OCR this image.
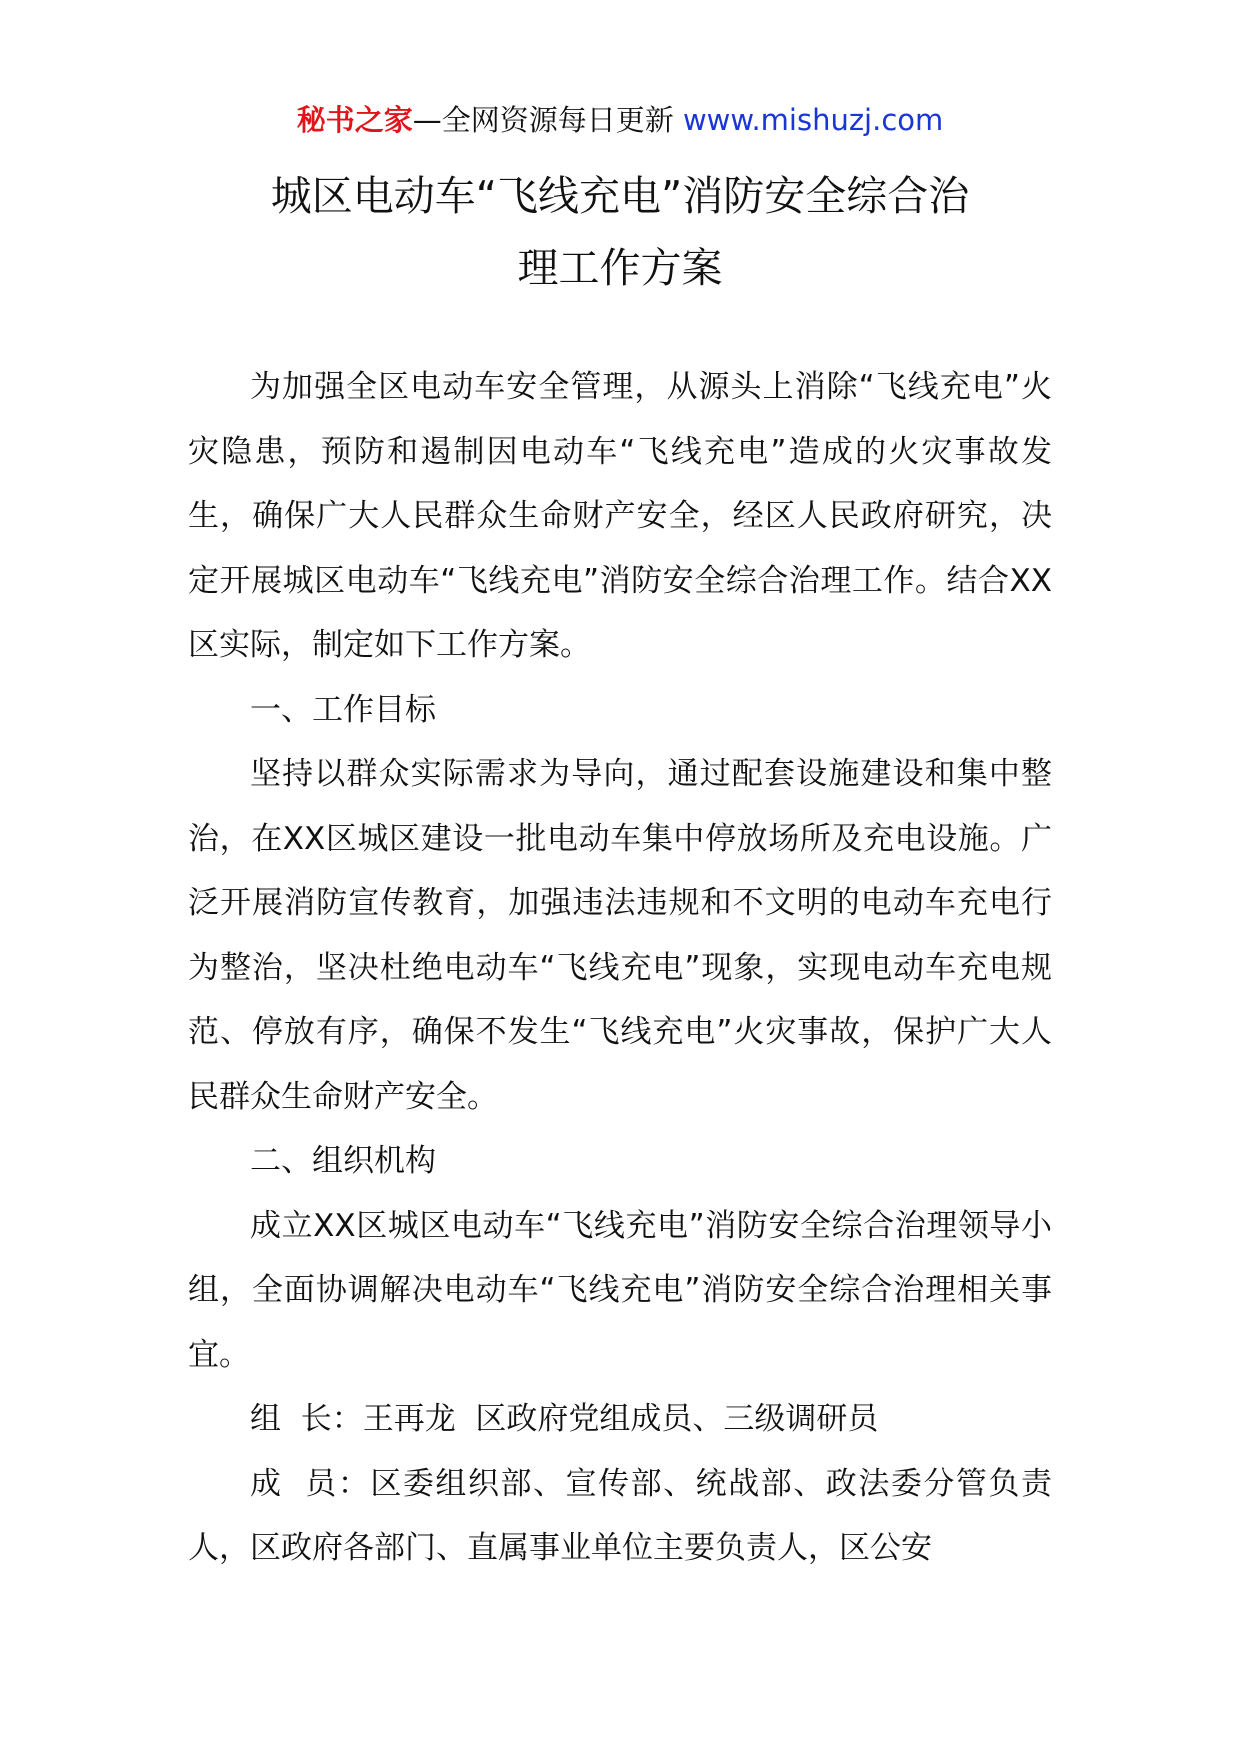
秘书之家—全网资源每日更新 www.mishuzj.com
城区电动车“飞线充电”消防安全综合治
理工作方案

为加强全区电动车安全管理，从源头上消除“飞线充电”火灾隐患，预防和遏制因电动车“飞线充电”造成的火灾事故发生，确保广大人民群众生命财产安全，经区人民政府研究，决定开展城区电动车“飞线充电”消防安全综合治理工作。结合XX区实际，制定如下工作方案。

一、工作目标

坚持以群众实际需求为导向，通过配套设施建设和集中整治，在XX区城区建设一批电动车集中停放场所及充电设施。广泛开展消防宣传教育，加强违法违规和不文明的电动车充电行为整治，坚决杜绝电动车“飞线充电”现象，实现电动车充电规范、停放有序，确保不发生“飞线充电”火灾事故，保护广大人民群众生命财产安全。

二、组织机构

成立XX区城区电动车“飞线充电”消防安全综合治理领导小组，全面协调解决电动车“飞线充电”消防安全综合治理相关事宜。

组  长：王再龙  区政府党组成员、三级调研员

成  员：区委组织部、宣传部、统战部、政法委分管负责人，区政府各部门、直属事业单位主要负责人，区公安
